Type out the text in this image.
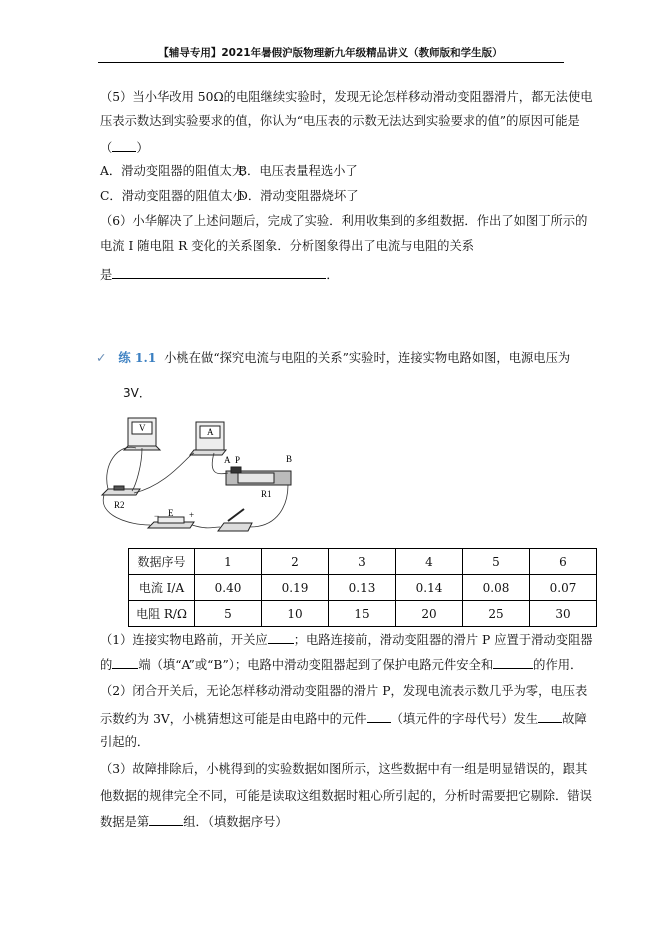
【辅导专用】2021年暑假沪版物理新九年级精品讲义（教师版和学生版）
（5）当小华改用 50Ω的电阻继续实验时，发现无论怎样移动滑动变阻器滑片，都无法使电
压表示数达到实验要求的值，你认为“电压表的示数无法达到实验要求的值”的原因可能是
（ ）
A．滑动变阻器的阻值太大B．电压表量程选小了
C．滑动变阻器的阻值太小D．滑动变阻器烧坏了
（6）小华解决了上述问题后，完成了实验．利用收集到的多组数据．作出了如图丁所示的
电流 I 随电阻 R 变化的关系图象．分析图象得出了电流与电阻的关系
是	．
✓ 练 1.1 小桃在做“探究电流与电阻的关系”实验时，连接实物电路如图，电源电压为
3V．
V	A
A P	B
R1
R2
E
−	+
数据序号	1	2	3	4	5	6
电流 I/A	0.40	0.19	0.13	0.14	0.08	0.07
电阻 R/Ω	5	10	15	20	25	30
（1）连接实物电路前，开关应 ；电路连接前，滑动变阻器的滑片 P 应置于滑动变阻器
的 端（填“A”或“B”）；电路中滑动变阻器起到了保护电路元件安全和	的作用．
（2）闭合开关后，无论怎样移动滑动变阻器的滑片 P，发现电流表示数几乎为零，电压表
示数约为 3V，小桃猜想这可能是由电路中的元件 （填元件的字母代号）发生 故障
引起的．
（3）故障排除后，小桃得到的实验数据如图所示，这些数据中有一组是明显错误的，跟其
他数据的规律完全不同，可能是读取这组数据时粗心所引起的，分析时需要把它剔除．错误
数据是第	组．（填数据序号）
